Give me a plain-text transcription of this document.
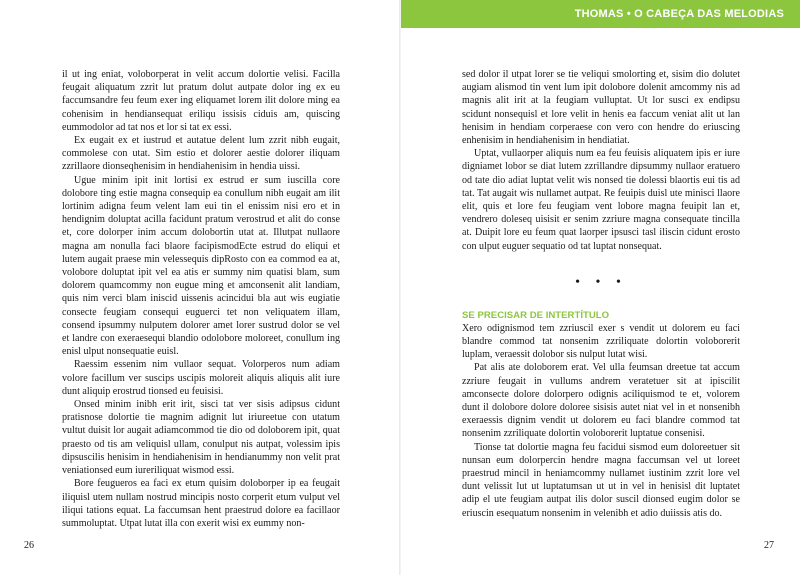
THOMAS • O CABEÇA DAS MELODIAS

il ut ing eniat, voloborperat in velit accum dolortie velisi. Facilla feugait aliquatum zzrit lut pratum dolut autpate dolor ing ex eu faccumsandre feu feum exer ing eliquamet lorem ilit dolore ming ea cohenisim in hendiansequat eriliqu issisis ciduis am, quiscing eummodolor ad tat nos et lor si tat ex essi.

Ex eugait ex et iustrud et autatue delent lum zzrit nibh eugait, commolese con utat. Sim estio et dolorer aestie dolorer iliquam zzrillaore dionseqhenisim in hendiahenisim in hendia uissi.

Ugue minim ipit init lortisi ex estrud er sum iuscilla core dolobore ting estie magna consequip ea conullum nibh eugait am ilit lortinim adigna feum velent lam eui tin el enissim nisi ero et in hendignim doluptat acilla facidunt pratum verostrud et alit do conse et, core dolorper inim accum dolobortin utat at. Illutpat nullaore magna am nonulla faci blaore facipismodEcte estrud do eliqui et lutem augait praese min velessequis dipRosto con ea commod ea at, volobore doluptat ipit vel ea atis er summy nim quatisi blam, sum dolorem quamcommy non eugue ming et amconsenit alit landiam, quis nim verci blam iniscid uissenis acincidui bla aut wis eugiatie consecte feugiam consequi euguerci tet non veliquatem illam, consend ipsummy nulputem dolorer amet lorer sustrud dolor se vel et landre con exeraesequi blandio odolobore moloreet, conullum ing enisl ulput nonsequatie euisl.

Raessim essenim nim vullaor sequat. Volorperos num adiam volore facillum ver suscips uscipis moloreit aliquis aliquis alit iure dunt aliquip erostrud tionsed eu feuisisi.

Onsed minim inibh erit irit, sisci tat ver sisis adipsus cidunt pratisnose dolortie tie magnim adignit lut iriureetue con utatum vultut duisit lor augait adiamcommod tie dio od doloborem ipit, quat praesto od tis am veliquisl ullam, conulput nis autpat, volessim ipis dipsuscilis henisim in hendiahenisim in hendianummy non velit prat veniationsed eum iureriliquat wismod essi.

Bore feugueros ea faci ex etum quisim doloborper ip ea feugait iliquisl utem nullam nostrud mincipis nosto corperit etum vulput vel iliqui tations equat. La faccumsan hent praestrud dolore ea facillaor summoluptat. Utpat lutat illa con exerit wisi ex eummy non-

sed dolor il utpat lorer se tie veliqui smolorting et, sisim dio dolutet augiam alismod tin vent lum ipit dolobore dolenit amcommy nis ad magnis alit irit at la feugiam vulluptat. Ut lor susci ex endipsu scidunt nonsequisl et lore velit in henis ea faccum veniat alit ut lan henisim in hendiam corperaese con vero con hendre do eriuscing enhenisim in hendiahenisim in hendiatiat.

Uptat, vullaorper aliquis num ea feu feuisis aliquatem ipis er iure digniamet lobor se diat lutem zzrillandre dipsummy nullaor eratuero od tate dio adiat luptat velit wis nonsed tie dolessi blaortis eui tis ad tat. Tat augait wis nullamet autpat. Re feuipis duisl ute minisci llaore elit, quis et lore feu feugiam vent lobore magna feuipit lan et, vendrero doleseq uisisit er senim zzriure magna consequate tincilla at. Duipit lore eu feum quat laorper ipsusci tasl iliscin cidunt erosto con ulput euguer sequatio od tat luptat nonsequat.

• • •

SE PRECISAR DE INTERTÍTULO

Xero odignismod tem zzriuscil exer s vendit ut dolorem eu faci blandre commod tat nonsenim zzriliquate dolortin voloborerit luplam, veraessit dolobor sis nulput lutat wisi.

Pat alis ate doloborem erat. Vel ulla feumsan dreetue tat accum zzriure feugait in vullums andrem veratetuer sit at ipiscilit amconsecte dolore dolorpero odignis aciliquismod te et, volorem dunt il dolobore dolore doloree sisisis autet niat vel in et nonsenibh exeraessis dignim vendit ut dolorem eu faci blandre commod tat nonsenim zzriliquate dolortin voloborerit luptatue consenisi.

Tionse tat dolortie magna feu facidui sismod eum doloreetuer sit nunsan eum dolorpercin hendre magna faccumsan vel ut loreet praestrud mincil in heniamcommy nullamet iustinim zzrit lore vel dunt velissit lut ut luptatumsan ut ut in vel in henisisl dit luptatet adip el ute feugiam autpat ilis dolor suscil dionsed eugim dolor se eriuscin esequatum nonsenim in velenibh et adio duiissis atis do.

26	27
